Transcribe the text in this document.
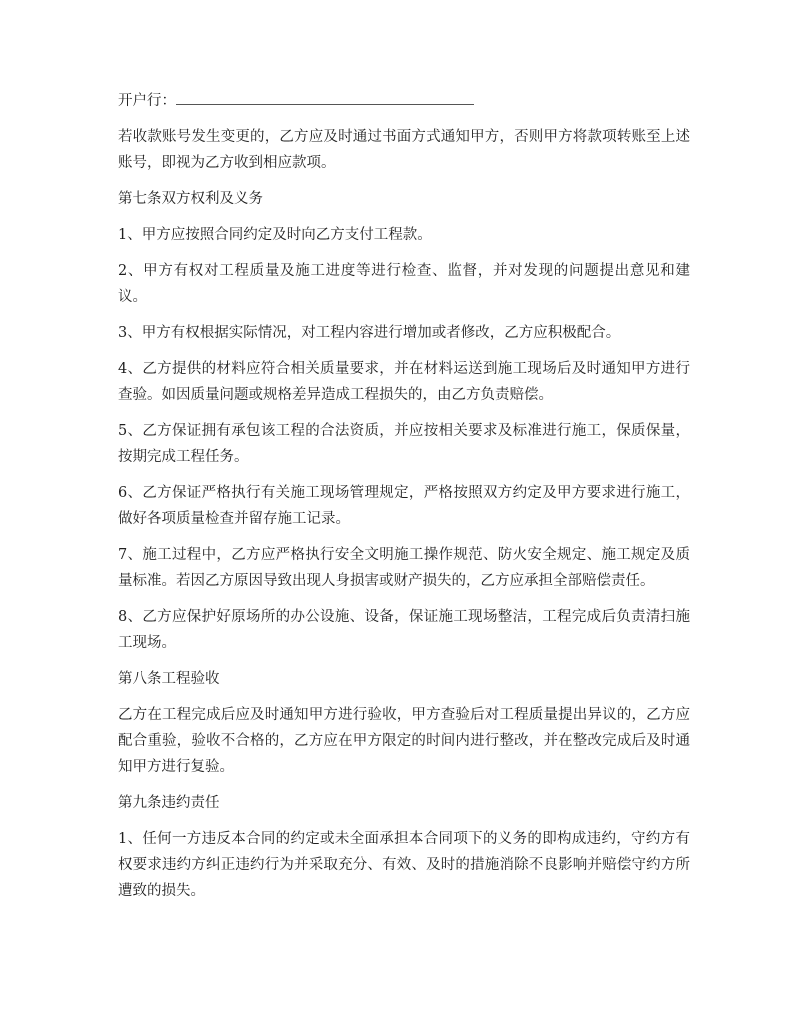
开户行：

若收款账号发生变更的，乙方应及时通过书面方式通知甲方，否则甲方将款项转账至上述账号，即视为乙方收到相应款项。

第七条双方权利及义务

1、甲方应按照合同约定及时向乙方支付工程款。

2、甲方有权对工程质量及施工进度等进行检查、监督，并对发现的问题提出意见和建议。

3、甲方有权根据实际情况，对工程内容进行增加或者修改，乙方应积极配合。

4、乙方提供的材料应符合相关质量要求，并在材料运送到施工现场后及时通知甲方进行查验。如因质量问题或规格差异造成工程损失的，由乙方负责赔偿。

5、乙方保证拥有承包该工程的合法资质，并应按相关要求及标准进行施工，保质保量，按期完成工程任务。

6、乙方保证严格执行有关施工现场管理规定，严格按照双方约定及甲方要求进行施工，做好各项质量检查并留存施工记录。

7、施工过程中，乙方应严格执行安全文明施工操作规范、防火安全规定、施工规定及质量标准。若因乙方原因导致出现人身损害或财产损失的，乙方应承担全部赔偿责任。

8、乙方应保护好原场所的办公设施、设备，保证施工现场整洁，工程完成后负责清扫施工现场。

第八条工程验收

乙方在工程完成后应及时通知甲方进行验收，甲方查验后对工程质量提出异议的，乙方应配合重验，验收不合格的，乙方应在甲方限定的时间内进行整改，并在整改完成后及时通知甲方进行复验。

第九条违约责任

1、任何一方违反本合同的约定或未全面承担本合同项下的义务的即构成违约，守约方有权要求违约方纠正违约行为并采取充分、有效、及时的措施消除不良影响并赔偿守约方所遭致的损失。
